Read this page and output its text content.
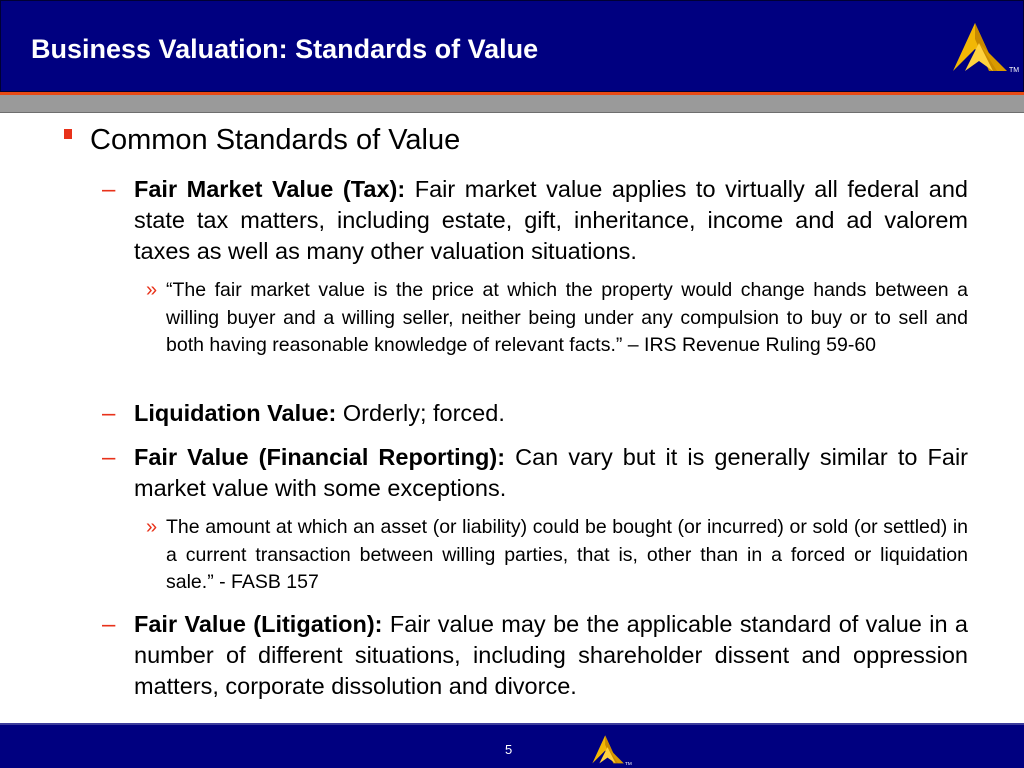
Business Valuation: Standards of Value
TM
Common Standards of Value
– Fair Market Value (Tax): Fair market value applies to virtually all federal and state tax matters, including estate, gift, inheritance, income and ad valorem taxes as well as many other valuation situations.
» “The fair market value is the price at which the property would change hands between a willing buyer and a willing seller, neither being under any compulsion to buy or to sell and both having reasonable knowledge of relevant facts.” – IRS Revenue Ruling 59-60
– Liquidation Value: Orderly; forced.
– Fair Value (Financial Reporting): Can vary but it is generally similar to Fair market value with some exceptions.
» The amount at which an asset (or liability) could be bought (or incurred) or sold (or settled) in a current transaction between willing parties, that is, other than in a forced or liquidation sale.” - FASB 157
– Fair Value (Litigation): Fair value may be the applicable standard of value in a number of different situations, including shareholder dissent and oppression matters, corporate dissolution and divorce.
5
TM
